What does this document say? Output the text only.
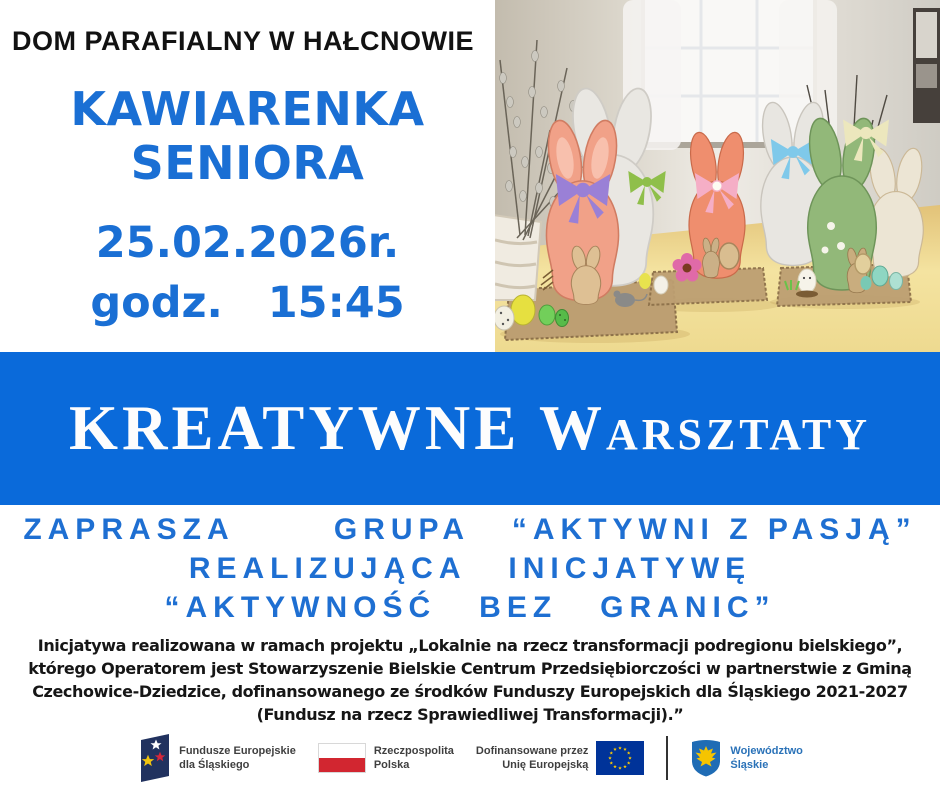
DOM PARAFIALNY W HAŁCNOWIE
KAWIARENKA
SENIORA
25.02.2026r.
godz.   15:45
KREATYWNE Warsztaty
ZAPRASZA       GRUPA   “AKTYWNI Z PASJĄ”
REALIZUJĄCA   INICJATYWĘ
“AKTYWNOŚĆ   BEZ   GRANIC”
Inicjatywa realizowana w ramach projektu „Lokalnie na rzecz transformacji podregionu bielskiego”,
którego Operatorem jest Stowarzyszenie Bielskie Centrum Przedsiębiorczości w partnerstwie z Gminą
Czechowice-Dziedzice, dofinansowanego ze środków Funduszy Europejskich dla Śląskiego 2021-2027
(Fundusz na rzecz Sprawiedliwej Transformacji).”
Fundusze Europejskie
dla Śląskiego
Rzeczpospolita
Polska
Dofinansowane przez
Unię Europejską
Województwo
Śląskie
